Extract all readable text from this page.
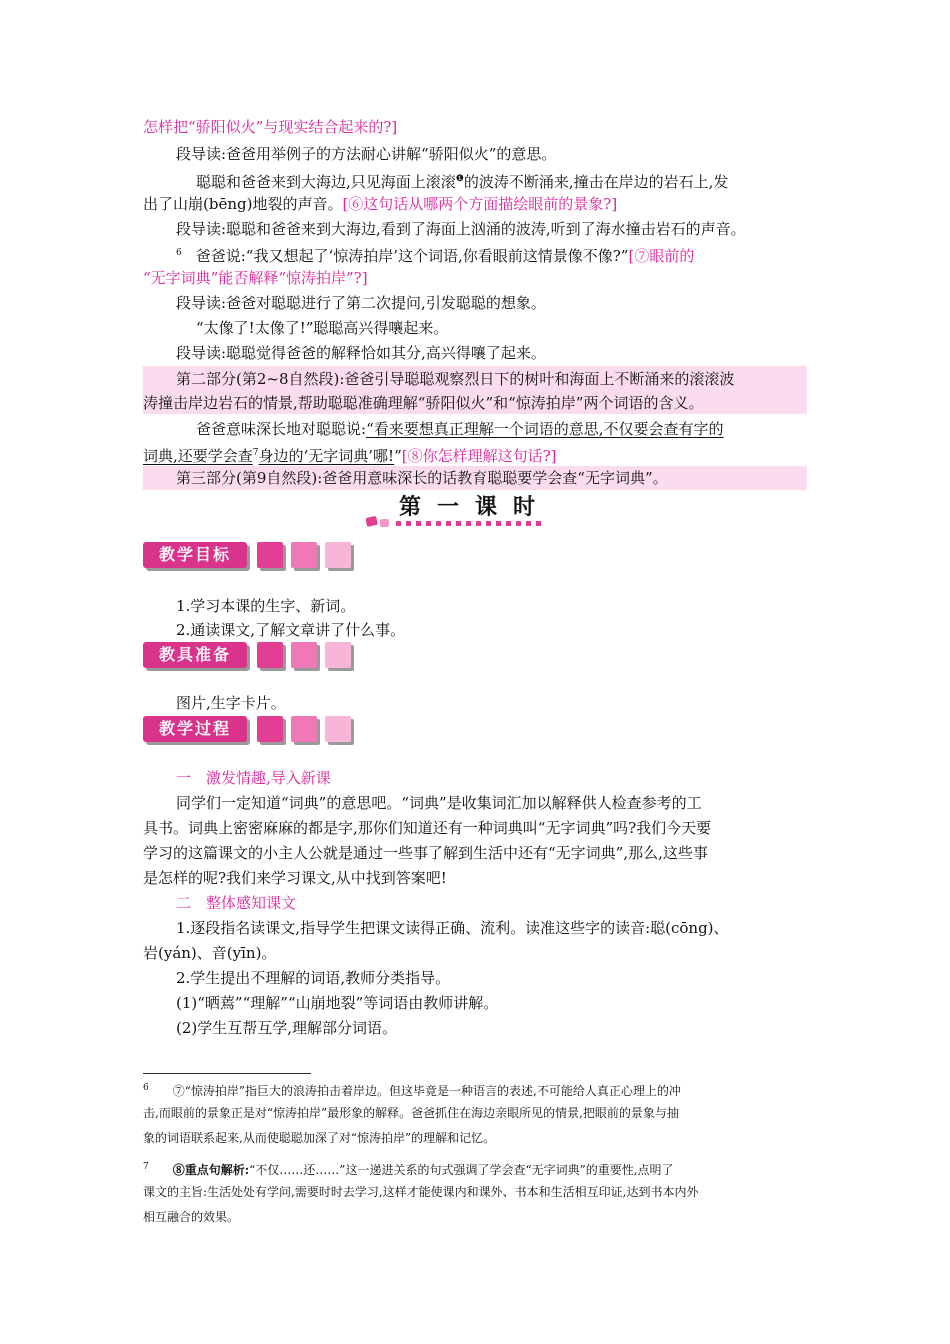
怎样把“骄阳似火”与现实结合起来的?]
段导读:爸爸用举例子的方法耐心讲解“骄阳似火”的意思。
聪聪和爸爸来到大海边,只见海面上滚滚$^❶$的波涛不断涌来,撞击在岸边的岩石上,发
出了山崩(bēng)地裂的声音。[⑥这句话从哪两个方面描绘眼前的景象?]
段导读:聪聪和爸爸来到大海边,看到了海面上汹涌的波涛,听到了海水撞击岩石的声音。
$^6$ 爸爸说:“我又想起了‘惊涛拍岸’这个词语,你看眼前这情景像不像?”[⑦眼前的
“无字词典”能否解释“惊涛拍岸”?]
段导读:爸爸对聪聪进行了第二次提问,引发聪聪的想象。
“太像了!太像了!”聪聪高兴得嚷起来。
段导读:聪聪觉得爸爸的解释恰如其分,高兴得嚷了起来。
第二部分(第2~8自然段):爸爸引导聪聪观察烈日下的树叶和海面上不断涌来的滚滚波
涛撞击岸边岩石的情景,帮助聪聪准确理解“骄阳似火”和“惊涛拍岸”两个词语的含义。
爸爸意味深长地对聪聪说:“看来要想真正理解一个词语的意思,不仅要会查有字的
词典,还要学会查$^7$身边的‘无字词典’哪!”[⑧你怎样理解这句话?]
第三部分(第9自然段):爸爸用意味深长的话教育聪聪要学会查“无字词典”。
第一课时
教学目标
1.学习本课的生字、新词。
2.通读课文,了解文章讲了什么事。
教具准备
图片,生字卡片。
教学过程
一　激发情趣,导入新课
同学们一定知道“词典”的意思吧。“词典”是收集词汇加以解释供人检查参考的工
具书。词典上密密麻麻的都是字,那你们知道还有一种词典叫“无字词典”吗?我们今天要
学习的这篇课文的小主人公就是通过一些事了解到生活中还有“无字词典”,那么,这些事
是怎样的呢?我们来学习课文,从中找到答案吧!
二　整体感知课文
1.逐段指名读课文,指导学生把课文读得正确、流利。读准这些字的读音:聪(cōng)、
岩(yán)、音(yīn)。
2.学生提出不理解的词语,教师分类指导。
(1)“晒蔫”“理解”“山崩地裂”等词语由教师讲解。
(2)学生互帮互学,理解部分词语。
$^6$ ⑦“惊涛拍岸”指巨大的浪涛拍击着岸边。但这毕竟是一种语言的表述,不可能给人真正心理上的冲
击,而眼前的景象正是对“惊涛拍岸”最形象的解释。爸爸抓住在海边亲眼所见的情景,把眼前的景象与抽
象的词语联系起来,从而使聪聪加深了对“惊涛拍岸”的理解和记忆。
$^7$ ⑧重点句解析:“不仅……还……”这一递进关系的句式强调了学会查“无字词典”的重要性,点明了
课文的主旨:生活处处有学问,需要时时去学习,这样才能使课内和课外、书本和生活相互印证,达到书本内外
相互融合的效果。
